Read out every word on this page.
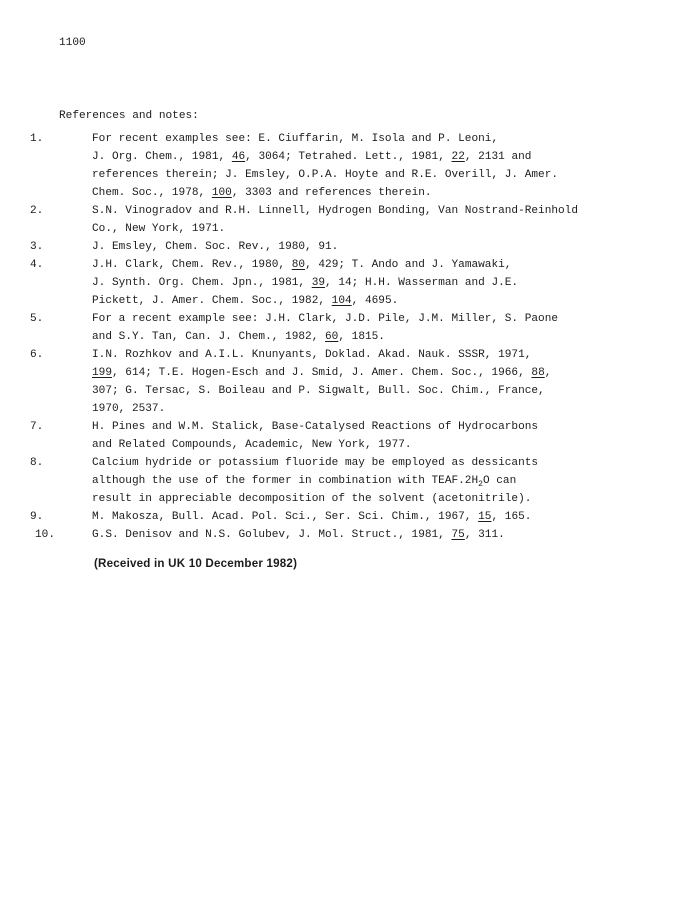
1100
References and notes:
1.	For recent examples see: E. Ciuffarin, M. Isola and P. Leoni,
J. Org. Chem., 1981, 46, 3064; Tetrahed. Lett., 1981, 22, 2131 and
references therein; J. Emsley, O.P.A. Hoyte and R.E. Overill, J. Amer.
Chem. Soc., 1978, 100, 3303 and references therein.
2.	S.N. Vinogradov and R.H. Linnell, Hydrogen Bonding, Van Nostrand-Reinhold
Co., New York, 1971.
3.	J. Emsley, Chem. Soc. Rev., 1980, 91.
4.	J.H. Clark, Chem. Rev., 1980, 80, 429; T. Ando and J. Yamawaki,
J. Synth. Org. Chem. Jpn., 1981, 39, 14; H.H. Wasserman and J.E.
Pickett, J. Amer. Chem. Soc., 1982, 104, 4695.
5.	For a recent example see: J.H. Clark, J.D. Pile, J.M. Miller, S. Paone
and S.Y. Tan, Can. J. Chem., 1982, 60, 1815.
6.	I.N. Rozhkov and A.I.L. Knunyants, Doklad. Akad. Nauk. SSSR, 1971,
199, 614; T.E. Hogen-Esch and J. Smid, J. Amer. Chem. Soc., 1966, 88,
307; G. Tersac, S. Boileau and P. Sigwalt, Bull. Soc. Chim., France,
1970, 2537.
7.	H. Pines and W.M. Stalick, Base-Catalysed Reactions of Hydrocarbons
and Related Compounds, Academic, New York, 1977.
8.	Calcium hydride or potassium fluoride may be employed as dessicants
although the use of the former in combination with $TEAF.2H_2O$ can
result in appreciable decomposition of the solvent (acetonitrile).
9.	M. Makosza, Bull. Acad. Pol. Sci., Ser. Sci. Chim., 1967, 15, 165.
10.	G.S. Denisov and N.S. Golubev, J. Mol. Struct., 1981, 75, 311.
(Received in UK 10 December 1982)
